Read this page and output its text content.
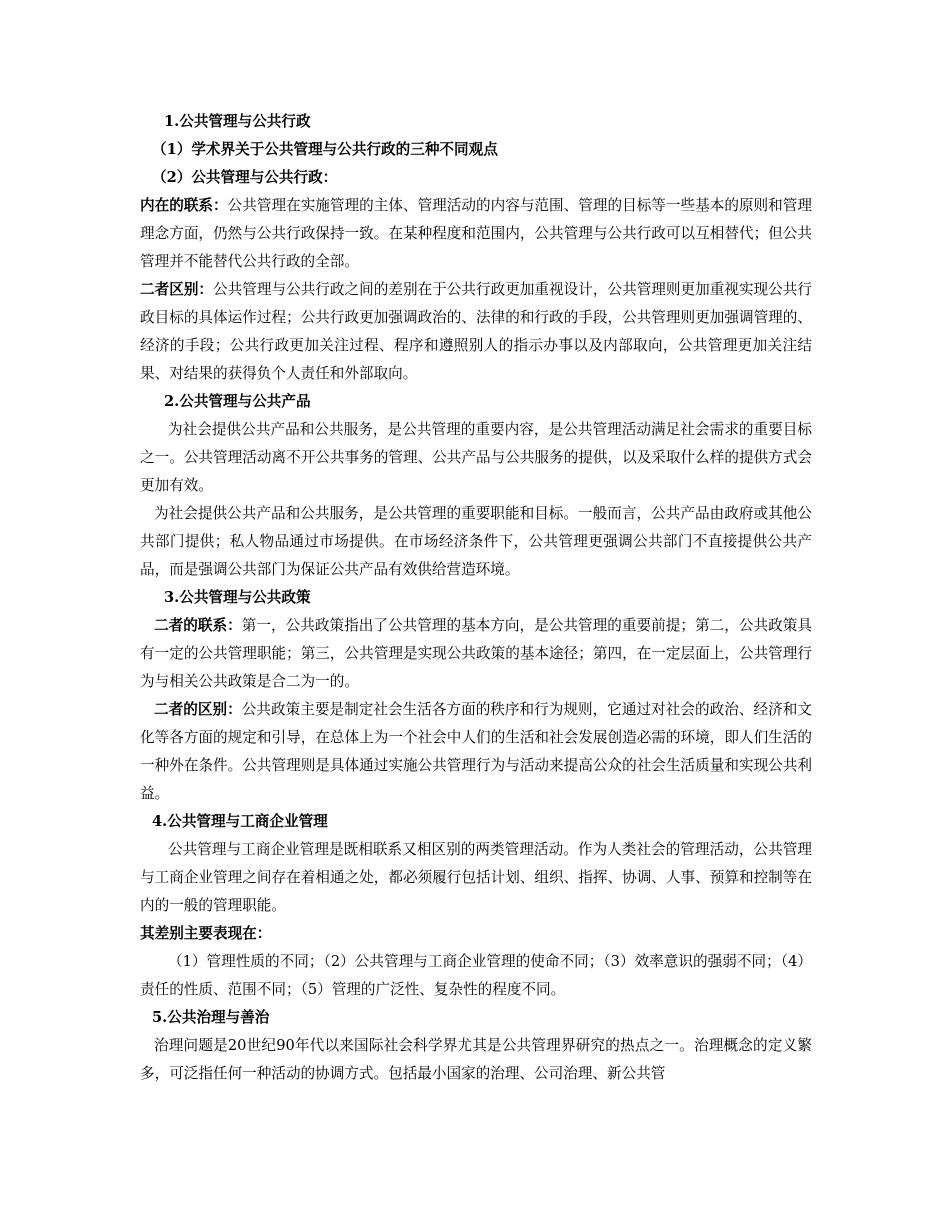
1.公共管理与公共行政

（1）学术界关于公共管理与公共行政的三种不同观点

（2）公共管理与公共行政：

内在的联系：公共管理在实施管理的主体、管理活动的内容与范围、管理的目标等一些基本的原则和管理理念方面，仍然与公共行政保持一致。在某种程度和范围内，公共管理与公共行政可以互相替代；但公共管理并不能替代公共行政的全部。

二者区别：公共管理与公共行政之间的差别在于公共行政更加重视设计，公共管理则更加重视实现公共行政目标的具体运作过程；公共行政更加强调政治的、法律的和行政的手段，公共管理则更加强调管理的、经济的手段；公共行政更加关注过程、程序和遵照别人的指示办事以及内部取向，公共管理更加关注结果、对结果的获得负个人责任和外部取向。

2.公共管理与公共产品

为社会提供公共产品和公共服务，是公共管理的重要内容，是公共管理活动满足社会需求的重要目标之一。公共管理活动离不开公共事务的管理、公共产品与公共服务的提供，以及采取什么样的提供方式会更加有效。

为社会提供公共产品和公共服务，是公共管理的重要职能和目标。一般而言，公共产品由政府或其他公共部门提供；私人物品通过市场提供。在市场经济条件下，公共管理更强调公共部门不直接提供公共产品，而是强调公共部门为保证公共产品有效供给营造环境。

3.公共管理与公共政策

二者的联系：第一，公共政策指出了公共管理的基本方向，是公共管理的重要前提；第二，公共政策具有一定的公共管理职能；第三，公共管理是实现公共政策的基本途径；第四，在一定层面上，公共管理行为与相关公共政策是合二为一的。

二者的区别：公共政策主要是制定社会生活各方面的秩序和行为规则，它通过对社会的政治、经济和文化等各方面的规定和引导，在总体上为一个社会中人们的生活和社会发展创造必需的环境，即人们生活的一种外在条件。公共管理则是具体通过实施公共管理行为与活动来提高公众的社会生活质量和实现公共利益。

4.公共管理与工商企业管理

公共管理与工商企业管理是既相联系又相区别的两类管理活动。作为人类社会的管理活动，公共管理与工商企业管理之间存在着相通之处，都必须履行包括计划、组织、指挥、协调、人事、预算和控制等在内的一般的管理职能。

其差别主要表现在：

（1）管理性质的不同；（2）公共管理与工商企业管理的使命不同；（3）效率意识的强弱不同；（4）责任的性质、范围不同；（5）管理的广泛性、复杂性的程度不同。

5.公共治理与善治

治理问题是20世纪90年代以来国际社会科学界尤其是公共管理界研究的热点之一。治理概念的定义繁多，可泛指任何一种活动的协调方式。包括最小国家的治理、公司治理、新公共管
